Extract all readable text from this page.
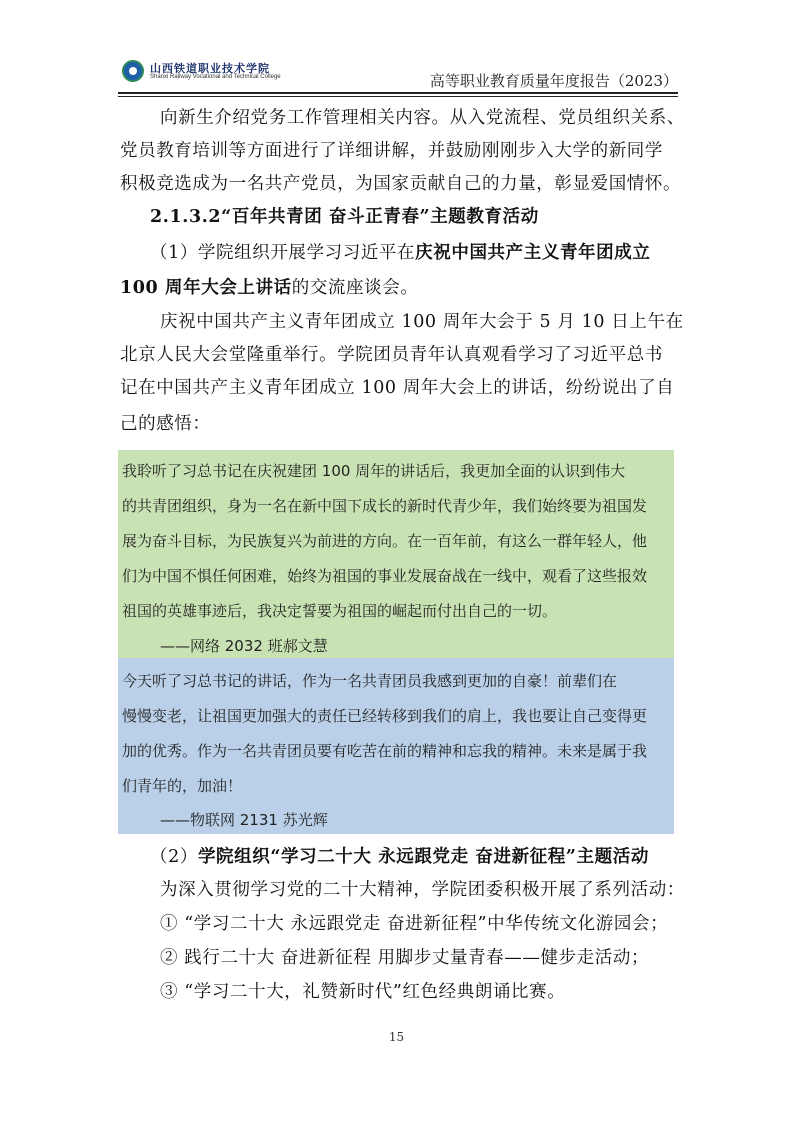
山西铁道职业技术学院
Shanxi Railway Vocational and Technical College	高等职业教育质量年度报告（2023）
向新生介绍党务工作管理相关内容。从入党流程、党员组织关系、
党员教育培训等方面进行了详细讲解，并鼓励刚刚步入大学的新同学
积极竞选成为一名共产党员，为国家贡献自己的力量，彰显爱国情怀。
2.1.3.2“百年共青团 奋斗正青春”主题教育活动
（1）学院组织开展学习习近平在庆祝中国共产主义青年团成立
100 周年大会上讲话的交流座谈会。
庆祝中国共产主义青年团成立 100 周年大会于 5 月 10 日上午在
北京人民大会堂隆重举行。学院团员青年认真观看学习了习近平总书
记在中国共产主义青年团成立 100 周年大会上的讲话，纷纷说出了自
己的感悟：
我聆听了习总书记在庆祝建团 100 周年的讲话后，我更加全面的认识到伟大
的共青团组织，身为一名在新中国下成长的新时代青少年，我们始终要为祖国发
展为奋斗目标，为民族复兴为前进的方向。在一百年前，有这么一群年轻人，他
们为中国不惧任何困难，始终为祖国的事业发展奋战在一线中，观看了这些报效
祖国的英雄事迹后，我决定誓要为祖国的崛起而付出自己的一切。
——网络 2032 班郝文慧
今天听了习总书记的讲话，作为一名共青团员我感到更加的自豪！前辈们在
慢慢变老，让祖国更加强大的责任已经转移到我们的肩上，我也要让自己变得更
加的优秀。作为一名共青团员要有吃苦在前的精神和忘我的精神。未来是属于我
们青年的，加油！
——物联网 2131 苏光辉
（2）学院组织“学习二十大 永远跟党走 奋进新征程”主题活动
为深入贯彻学习党的二十大精神，学院团委积极开展了系列活动：
① “学习二十大 永远跟党走 奋进新征程”中华传统文化游园会；
② 践行二十大 奋进新征程 用脚步丈量青春——健步走活动；
③ “学习二十大，礼赞新时代”红色经典朗诵比赛。
15
